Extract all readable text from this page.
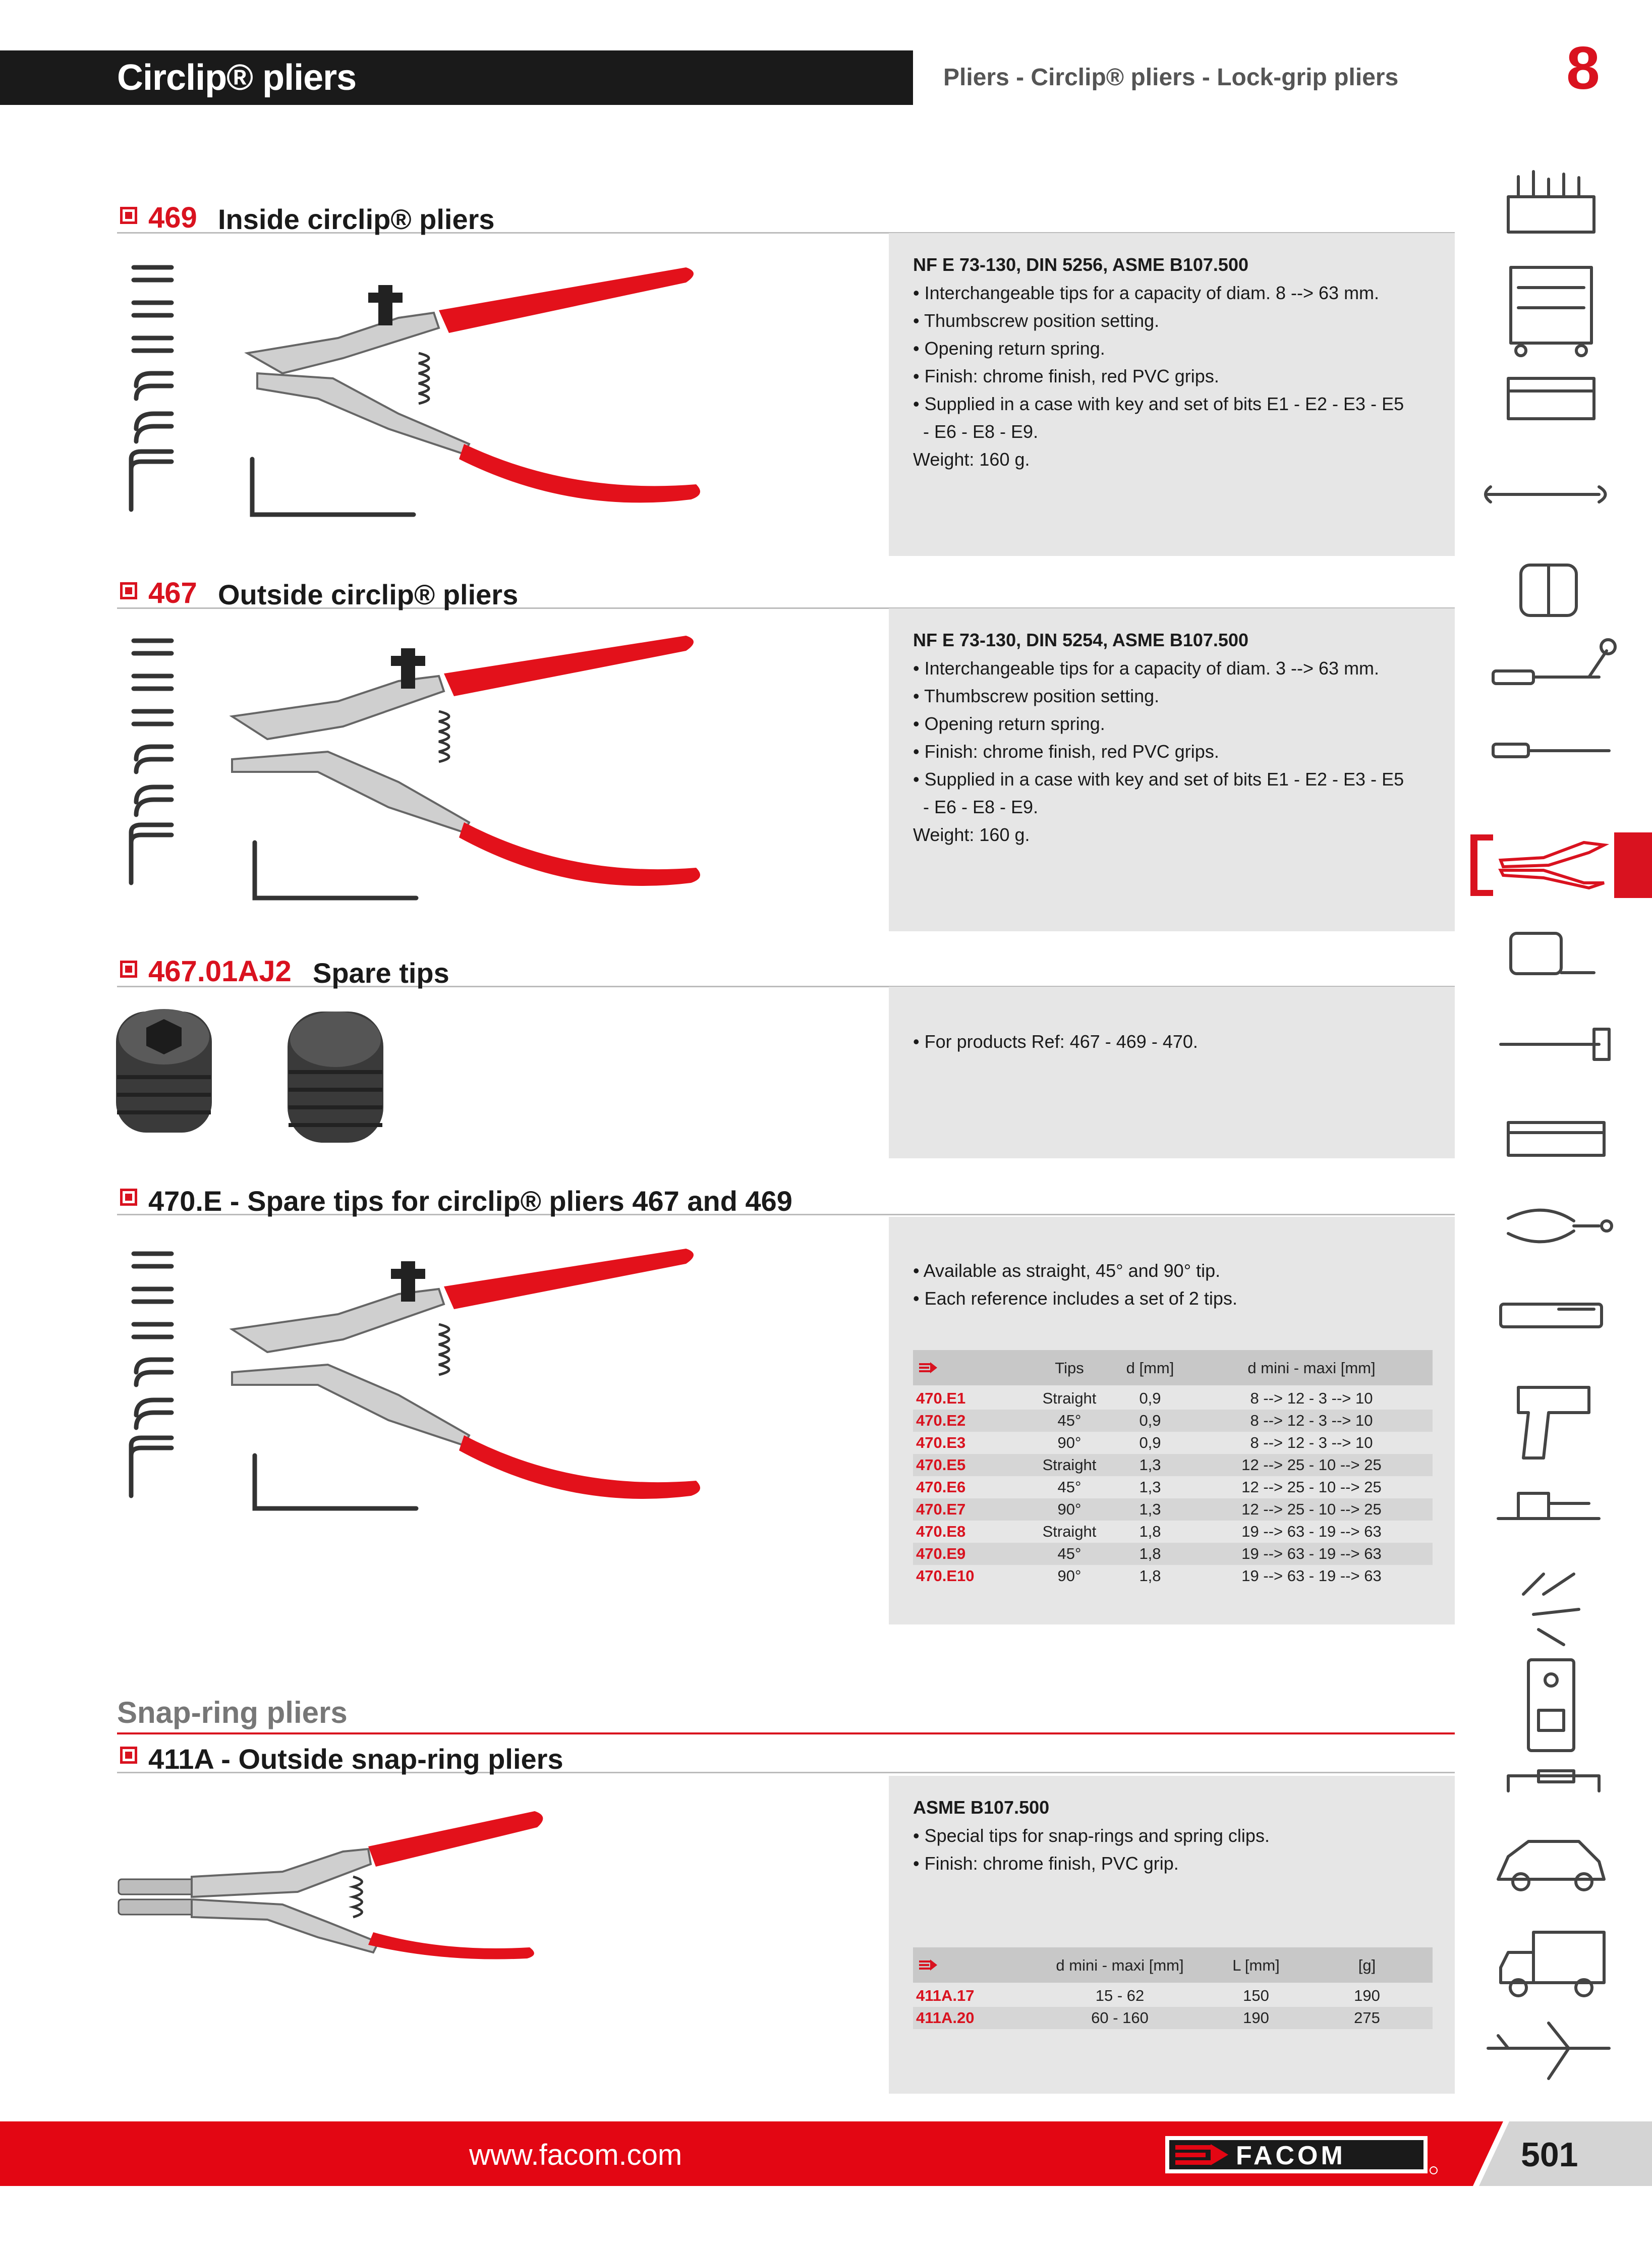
Circlip® pliers	Pliers - Circlip® pliers - Lock-grip pliers	8
469 Inside circlip® pliers
NF E 73-130, DIN 5256, ASME B107.500
• Interchangeable tips for a capacity of diam. 8 --> 63 mm.
• Thumbscrew position setting.
• Opening return spring.
• Finish: chrome finish, red PVC grips.
• Supplied in a case with key and set of bits E1 - E2 - E3 - E5
- E6 - E8 - E9.
Weight: 160 g.
467 Outside circlip® pliers
NF E 73-130, DIN 5254, ASME B107.500
• Interchangeable tips for a capacity of diam. 3 --> 63 mm.
• Thumbscrew position setting.
• Opening return spring.
• Finish: chrome finish, red PVC grips.
• Supplied in a case with key and set of bits E1 - E2 - E3 - E5
- E6 - E8 - E9.
Weight: 160 g.
467.01AJ2 Spare tips
• For products Ref: 467 - 469 - 470.
470.E - Spare tips for circlip® pliers 467 and 469
• Available as straight, 45° and 90° tip.
• Each reference includes a set of 2 tips.
Tips	d [mm]	d mini - maxi [mm]
470.E1	Straight	0,9	8 --> 12 - 3 --> 10
470.E2	45°	0,9	8 --> 12 - 3 --> 10
470.E3	90°	0,9	8 --> 12 - 3 --> 10
470.E5	Straight	1,3	12 --> 25 - 10 --> 25
470.E6	45°	1,3	12 --> 25 - 10 --> 25
470.E7	90°	1,3	12 --> 25 - 10 --> 25
470.E8	Straight	1,8	19 --> 63 - 19 --> 63
470.E9	45°	1,8	19 --> 63 - 19 --> 63
470.E10	90°	1,8	19 --> 63 - 19 --> 63
Snap-ring pliers
411A - Outside snap-ring pliers
ASME B107.500
• Special tips for snap-rings and spring clips.
• Finish: chrome finish, PVC grip.
d mini - maxi [mm]	L [mm]	[g]
411A.17	15 - 62	150	190
411A.20	60 - 160	190	275
www.facom.com	FACOM	501
